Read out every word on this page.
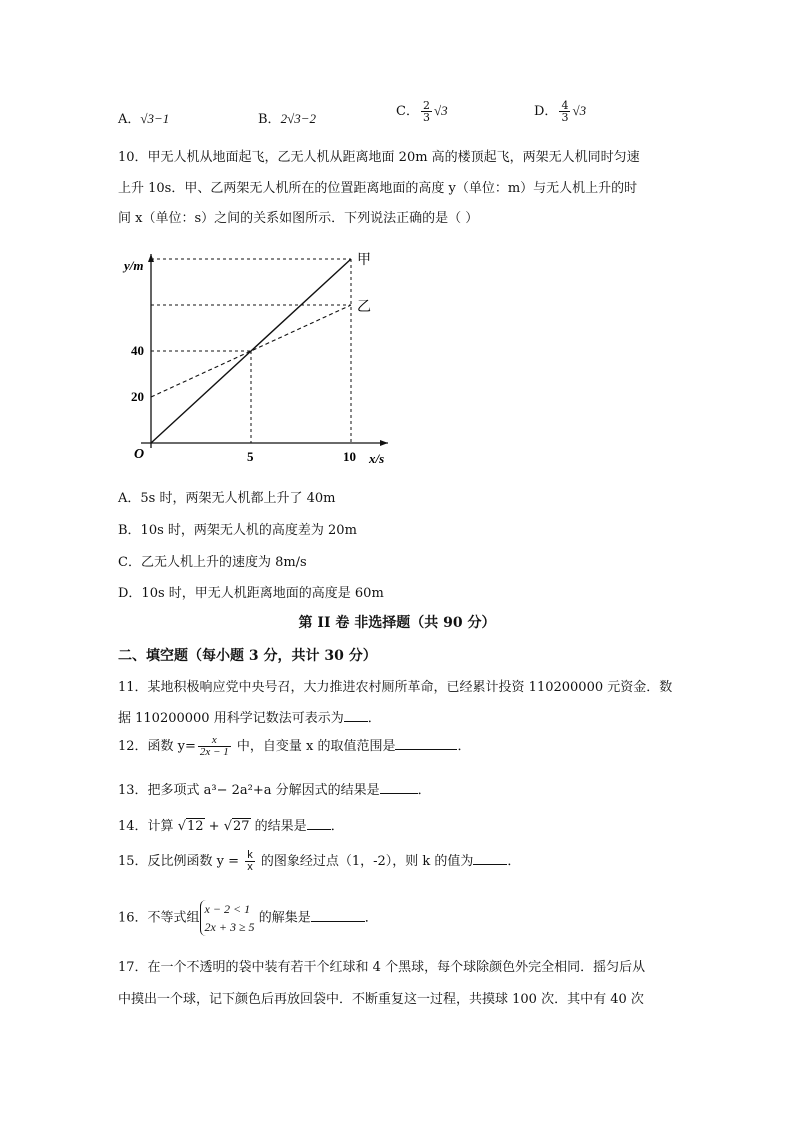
A．√3−1	B．2√3−2	C． $\frac{2}{3} √3$	D． $\frac{4}{3} √3$
10．甲无人机从地面起飞，乙无人机从距离地面 20m 高的楼顶起飞，两架无人机同时匀速
上升 10s．甲、乙两架无人机所在的位置距离地面的高度 y（单位：m）与无人机上升的时
间 x（单位：s）之间的关系如图所示．下列说法正确的是（ ）
y/m
x/s
O
甲
乙
5	10
20
40
A．5s 时，两架无人机都上升了 40m
B．10s 时，两架无人机的高度差为 20m
C．乙无人机上升的速度为 8m/s
D．10s 时，甲无人机距离地面的高度是 60m
第 II 卷 非选择题（共 90 分）
二、填空题（每小题 3 分，共计 30 分）
11．某地积极响应党中央号召，大力推进农村厕所革命，已经累计投资 110200000 元资金．数
据 110200000 用科学记数法可表示为 ．
12．函数 $y= \frac{x}{2x - 1}$ 中，自变量 x 的取值范围是	．
13．把多项式 a³− 2a²+a 分解因式的结果是	．
14．计算 √12 + √27 的结果是 ．
15．反比例函数 $y = \frac{k}{x}$ 的图象经过点（1，-2），则 k 的值为	．
16．不等式组
x − 2 < 1
2x + 3 ≥ 5
的解集是	．
17．在一个不透明的袋中装有若干个红球和 4 个黑球，每个球除颜色外完全相同．摇匀后从
中摸出一个球，记下颜色后再放回袋中．不断重复这一过程，共摸球 100 次．其中有 40 次
